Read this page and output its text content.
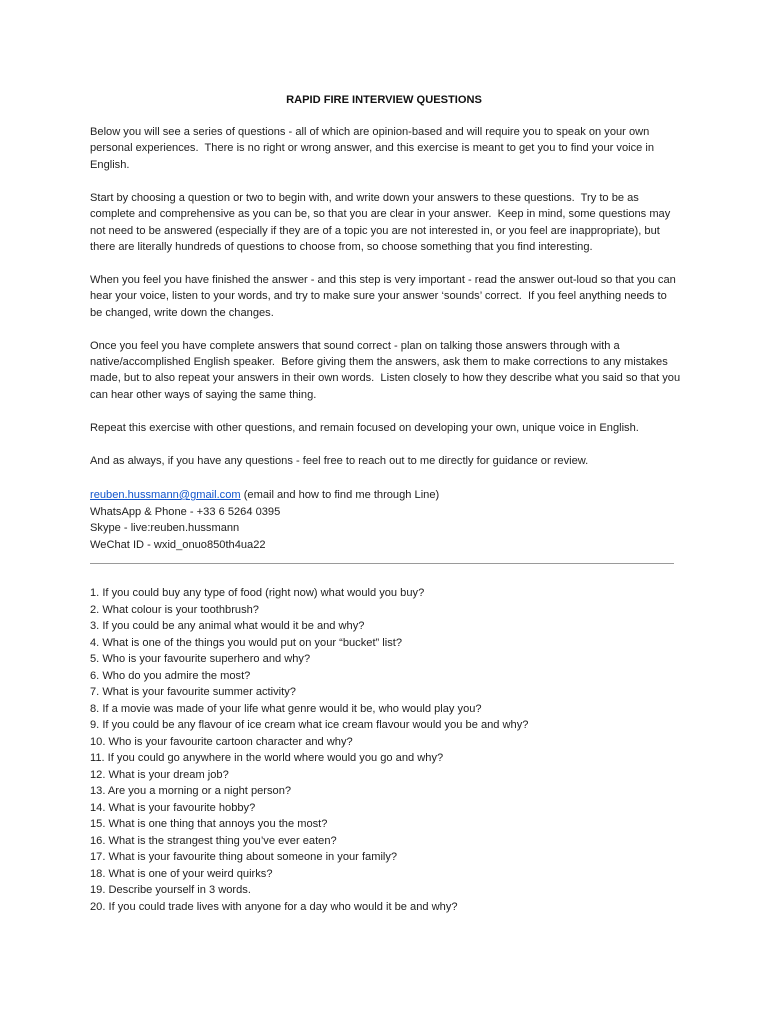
RAPID FIRE INTERVIEW QUESTIONS

Below you will see a series of questions - all of which are opinion-based and will require you to speak on your own personal experiences.  There is no right or wrong answer, and this exercise is meant to get you to find your voice in English.

Start by choosing a question or two to begin with, and write down your answers to these questions.  Try to be as complete and comprehensive as you can be, so that you are clear in your answer.  Keep in mind, some questions may not need to be answered (especially if they are of a topic you are not interested in, or you feel are inappropriate), but there are literally hundreds of questions to choose from, so choose something that you find interesting.

When you feel you have finished the answer - and this step is very important - read the answer out-loud so that you can hear your voice, listen to your words, and try to make sure your answer ‘sounds’ correct.  If you feel anything needs to be changed, write down the changes.

Once you feel you have complete answers that sound correct - plan on talking those answers through with a native/accomplished English speaker.  Before giving them the answers, ask them to make corrections to any mistakes made, but to also repeat your answers in their own words.  Listen closely to how they describe what you said so that you can hear other ways of saying the same thing.

Repeat this exercise with other questions, and remain focused on developing your own, unique voice in English.

And as always, if you have any questions - feel free to reach out to me directly for guidance or review.

reuben.hussmann@gmail.com (email and how to find me through Line)
WhatsApp & Phone - +33 6 5264 0395
Skype - live:reuben.hussmann
WeChat ID - wxid_onuo850th4ua22
1. If you could buy any type of food (right now) what would you buy?
2. What colour is your toothbrush?
3. If you could be any animal what would it be and why?
4. What is one of the things you would put on your “bucket” list?
5. Who is your favourite superhero and why?
6. Who do you admire the most?
7. What is your favourite summer activity?
8. If a movie was made of your life what genre would it be, who would play you?
9. If you could be any flavour of ice cream what ice cream flavour would you be and why?
10. Who is your favourite cartoon character and why?
11. If you could go anywhere in the world where would you go and why?
12. What is your dream job?
13. Are you a morning or a night person?
14. What is your favourite hobby?
15. What is one thing that annoys you the most?
16. What is the strangest thing you’ve ever eaten?
17. What is your favourite thing about someone in your family?
18. What is one of your weird quirks?
19. Describe yourself in 3 words.
20. If you could trade lives with anyone for a day who would it be and why?
